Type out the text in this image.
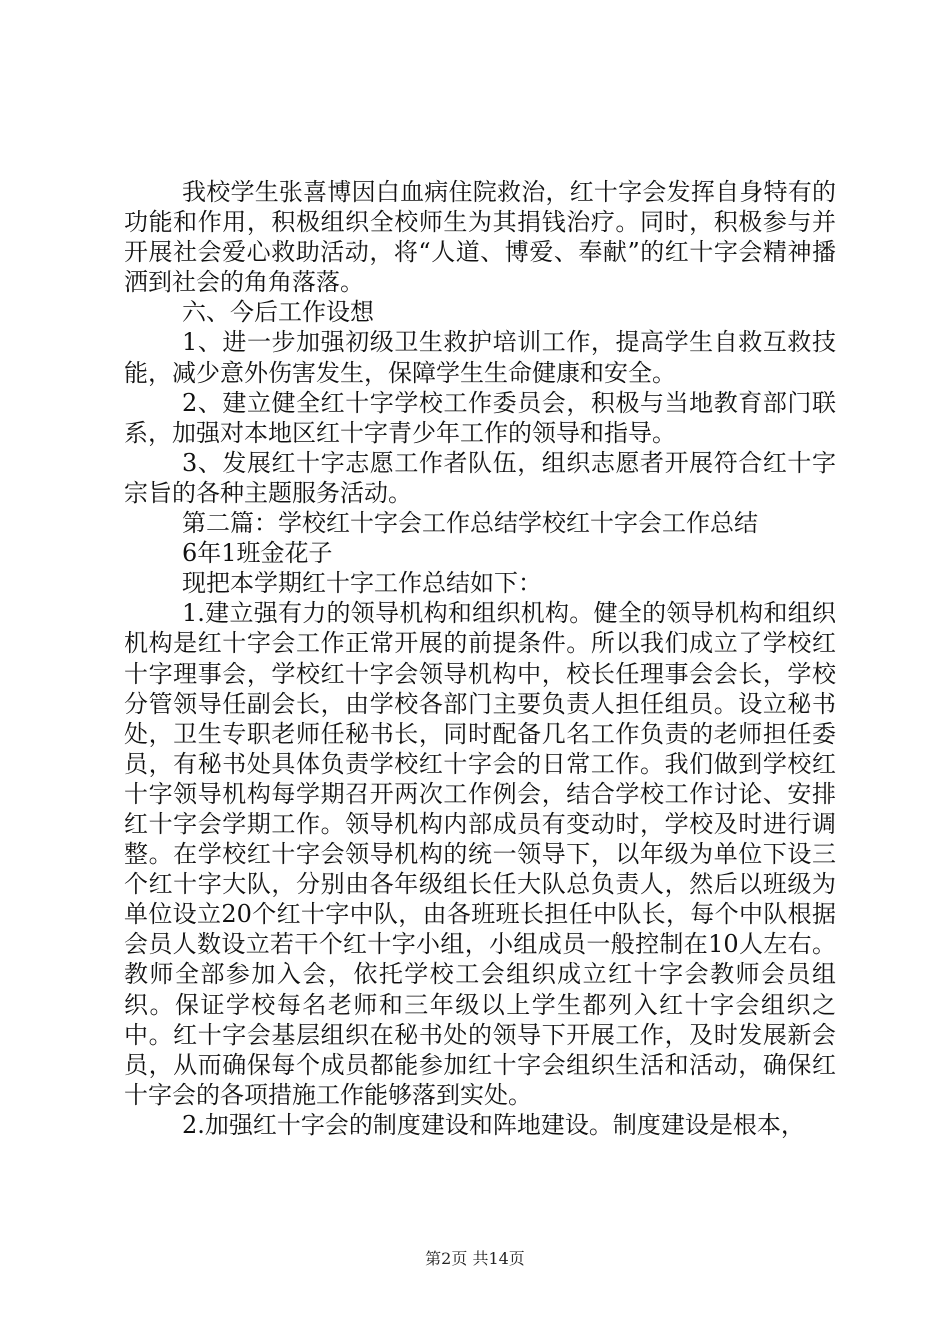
我校学生张喜博因白血病住院救治，红十字会发挥自身特有的功能和作用，积极组织全校师生为其捐钱治疗。同时，积极参与并开展社会爱心救助活动，将“人道、博爱、奉献”的红十字会精神播洒到社会的角角落落。

六、今后工作设想

1、进一步加强初级卫生救护培训工作，提高学生自救互救技能，减少意外伤害发生，保障学生生命健康和安全。

2、建立健全红十字学校工作委员会，积极与当地教育部门联系，加强对本地区红十字青少年工作的领导和指导。

3、发展红十字志愿工作者队伍，组织志愿者开展符合红十字宗旨的各种主题服务活动。

第二篇：学校红十字会工作总结学校红十字会工作总结

6年1班金花子

现把本学期红十字工作总结如下：

1.建立强有力的领导机构和组织机构。健全的领导机构和组织机构是红十字会工作正常开展的前提条件。所以我们成立了学校红十字理事会，学校红十字会领导机构中，校长任理事会会长，学校分管领导任副会长，由学校各部门主要负责人担任组员。设立秘书处，卫生专职老师任秘书长，同时配备几名工作负责的老师担任委员，有秘书处具体负责学校红十字会的日常工作。我们做到学校红十字领导机构每学期召开两次工作例会，结合学校工作讨论、安排红十字会学期工作。领导机构内部成员有变动时，学校及时进行调整。在学校红十字会领导机构的统一领导下，以年级为单位下设三个红十字大队，分别由各年级组长任大队总负责人，然后以班级为单位设立20个红十字中队，由各班班长担任中队长，每个中队根据会员人数设立若干个红十字小组，小组成员一般控制在10人左右。教师全部参加入会，依托学校工会组织成立红十字会教师会员组织。保证学校每名老师和三年级以上学生都列入红十字会组织之中。红十字会基层组织在秘书处的领导下开展工作，及时发展新会员，从而确保每个成员都能参加红十字会组织生活和活动，确保红十字会的各项措施工作能够落到实处。

2.加强红十字会的制度建设和阵地建设。制度建设是根本，

第2页 共14页
